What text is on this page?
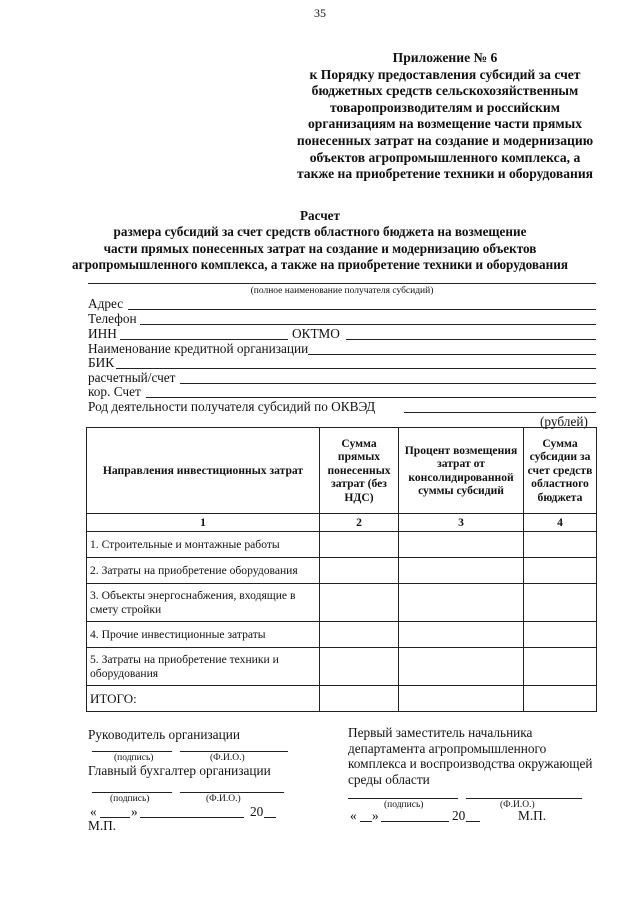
35
Приложение № 6
к Порядку предоставления субсидий за счет
бюджетных средств сельскохозяйственным
товаропроизводителям и российским
организациям на возмещение части прямых
понесенных затрат на создание и модернизацию
объектов агропромышленного комплекса, а
также на приобретение техники и оборудования
Расчет
размера субсидий за счет средств областного бюджета на возмещение
части прямых понесенных затрат на создание и модернизацию объектов
агропромышленного комплекса, а также на приобретение техники и оборудования
(полное наименование получателя субсидий)
Адрес
Телефон
ИНН	ОКТМО
Наименование кредитной организации
БИК
расчетный/счет
кор. Счет
Род деятельности получателя субсидий по ОКВЭД
(рублей)
Направления инвестиционных затрат	Сумма прямых понесенных затрат (без НДС)	Процент возмещения затрат от консолидированной суммы субсидий	Сумма субсидии за счет средств областного бюджета
1	2	3	4
1. Строительные и монтажные работы			
2. Затраты на приобретение оборудования			
3. Объекты энергоснабжения, входящие в смету стройки			
4. Прочие инвестиционные затраты			
5. Затраты на приобретение техники и оборудования			
ИТОГО:			
Руководитель организации
(подпись)	(Ф.И.О.)
Главный бухгалтер организации
(подпись)	(Ф.И.О.)
«	»	20
М.П.
Первый заместитель начальника
департамента агропромышленного
комплекса и воспроизводства окружающей
среды области
(подпись)	(Ф.И.О.)
« »	20	М.П.
